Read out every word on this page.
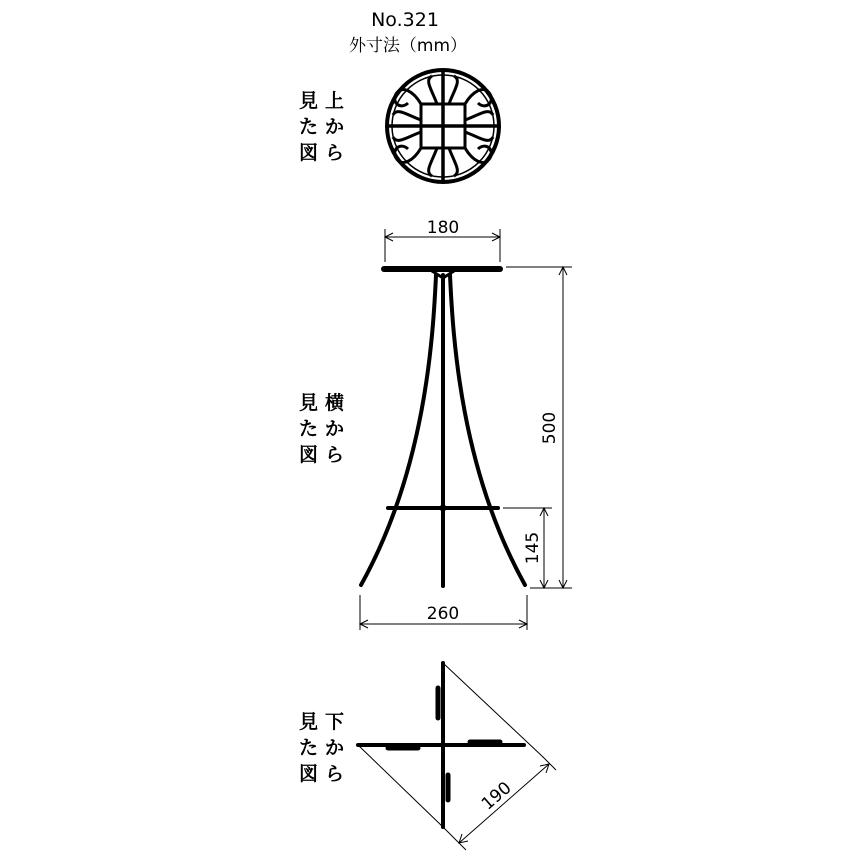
No.321
外寸法（mm）
見 上
た か
図 ら
180
見 横
た か
図 ら
500
145
260
見 下
た か
図 ら
190
